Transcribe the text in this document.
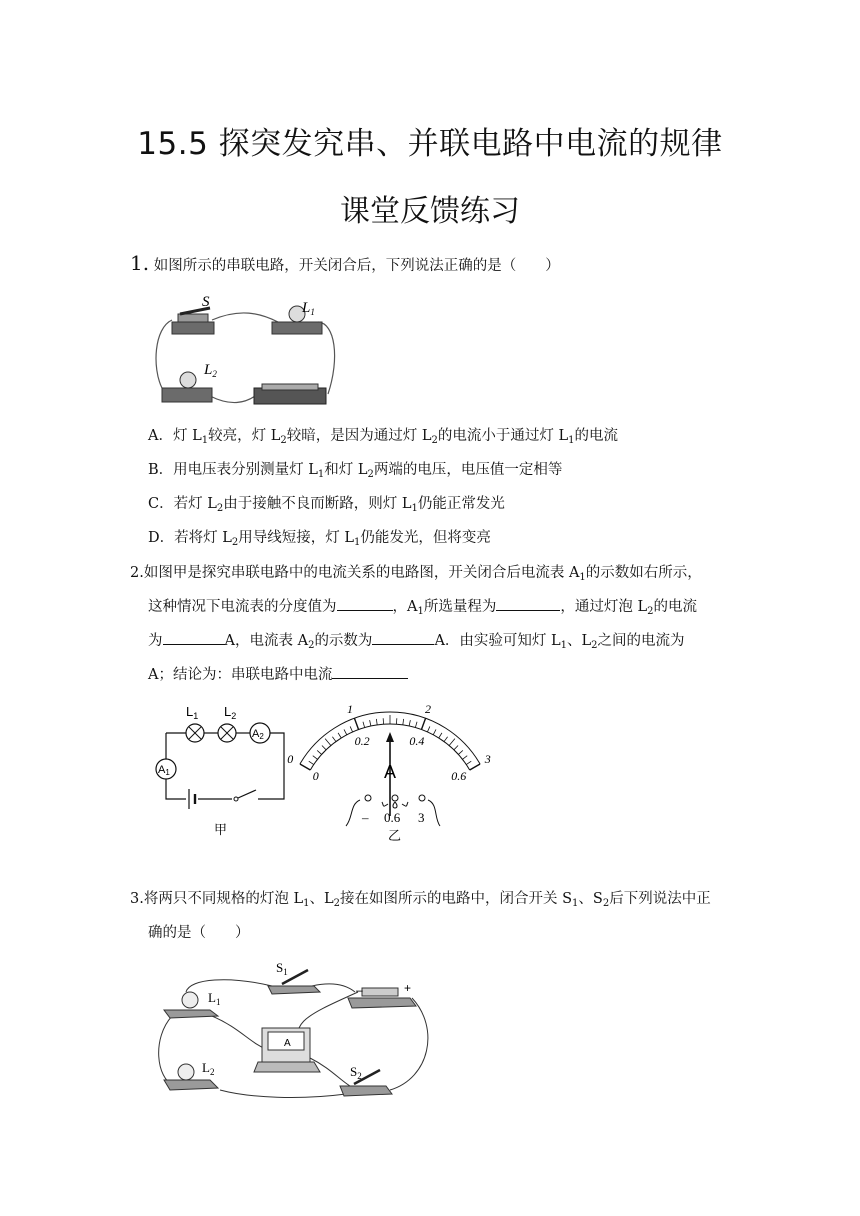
15.5 探突发究串、并联电路中电流的规律
课堂反馈练习
1. 如图所示的串联电路，开关闭合后，下列说法正确的是（　　）
S	$L_1$
$L_2$
A．灯 $L_1$较亮，灯 $L_2$较暗，是因为通过灯 $L_2$的电流小于通过灯 $L_1$的电流
B．用电压表分别测量灯 $L_1$和灯 $L_2$两端的电压，电压值一定相等
C．若灯 $L_2$由于接触不良而断路，则灯 $L_1$仍能正常发光
D．若将灯 $L_2$用导线短接，灯 $L_1$仍能发光，但将变亮
2.如图甲是探究串联电路中的电流关系的电路图，开关闭合后电流表 $A_1$的示数如右所示，
这种情况下电流表的分度值为	，$A_1$所选量程为	，通过灯泡 $L_2$的电流
为	A，电流表 $A_2$的示数为	A．由实验可知灯 $L_1$、$L_2$之间的电流为
A；结论为：串联电路中电流
A2
A1
$L_1$ $L_2$
甲
0
1	2
3
0
0.2	0.4
0.6
A
– 0.6 3
乙
3.将两只不同规格的灯泡 $L_1$、$L_2$接在如图所示的电路中，闭合开关 $S_1$、$S_2$后下列说法中正
确的是（　　）
$S_1$
$L_1$
$L_2$	$S_2$
A
–	+
